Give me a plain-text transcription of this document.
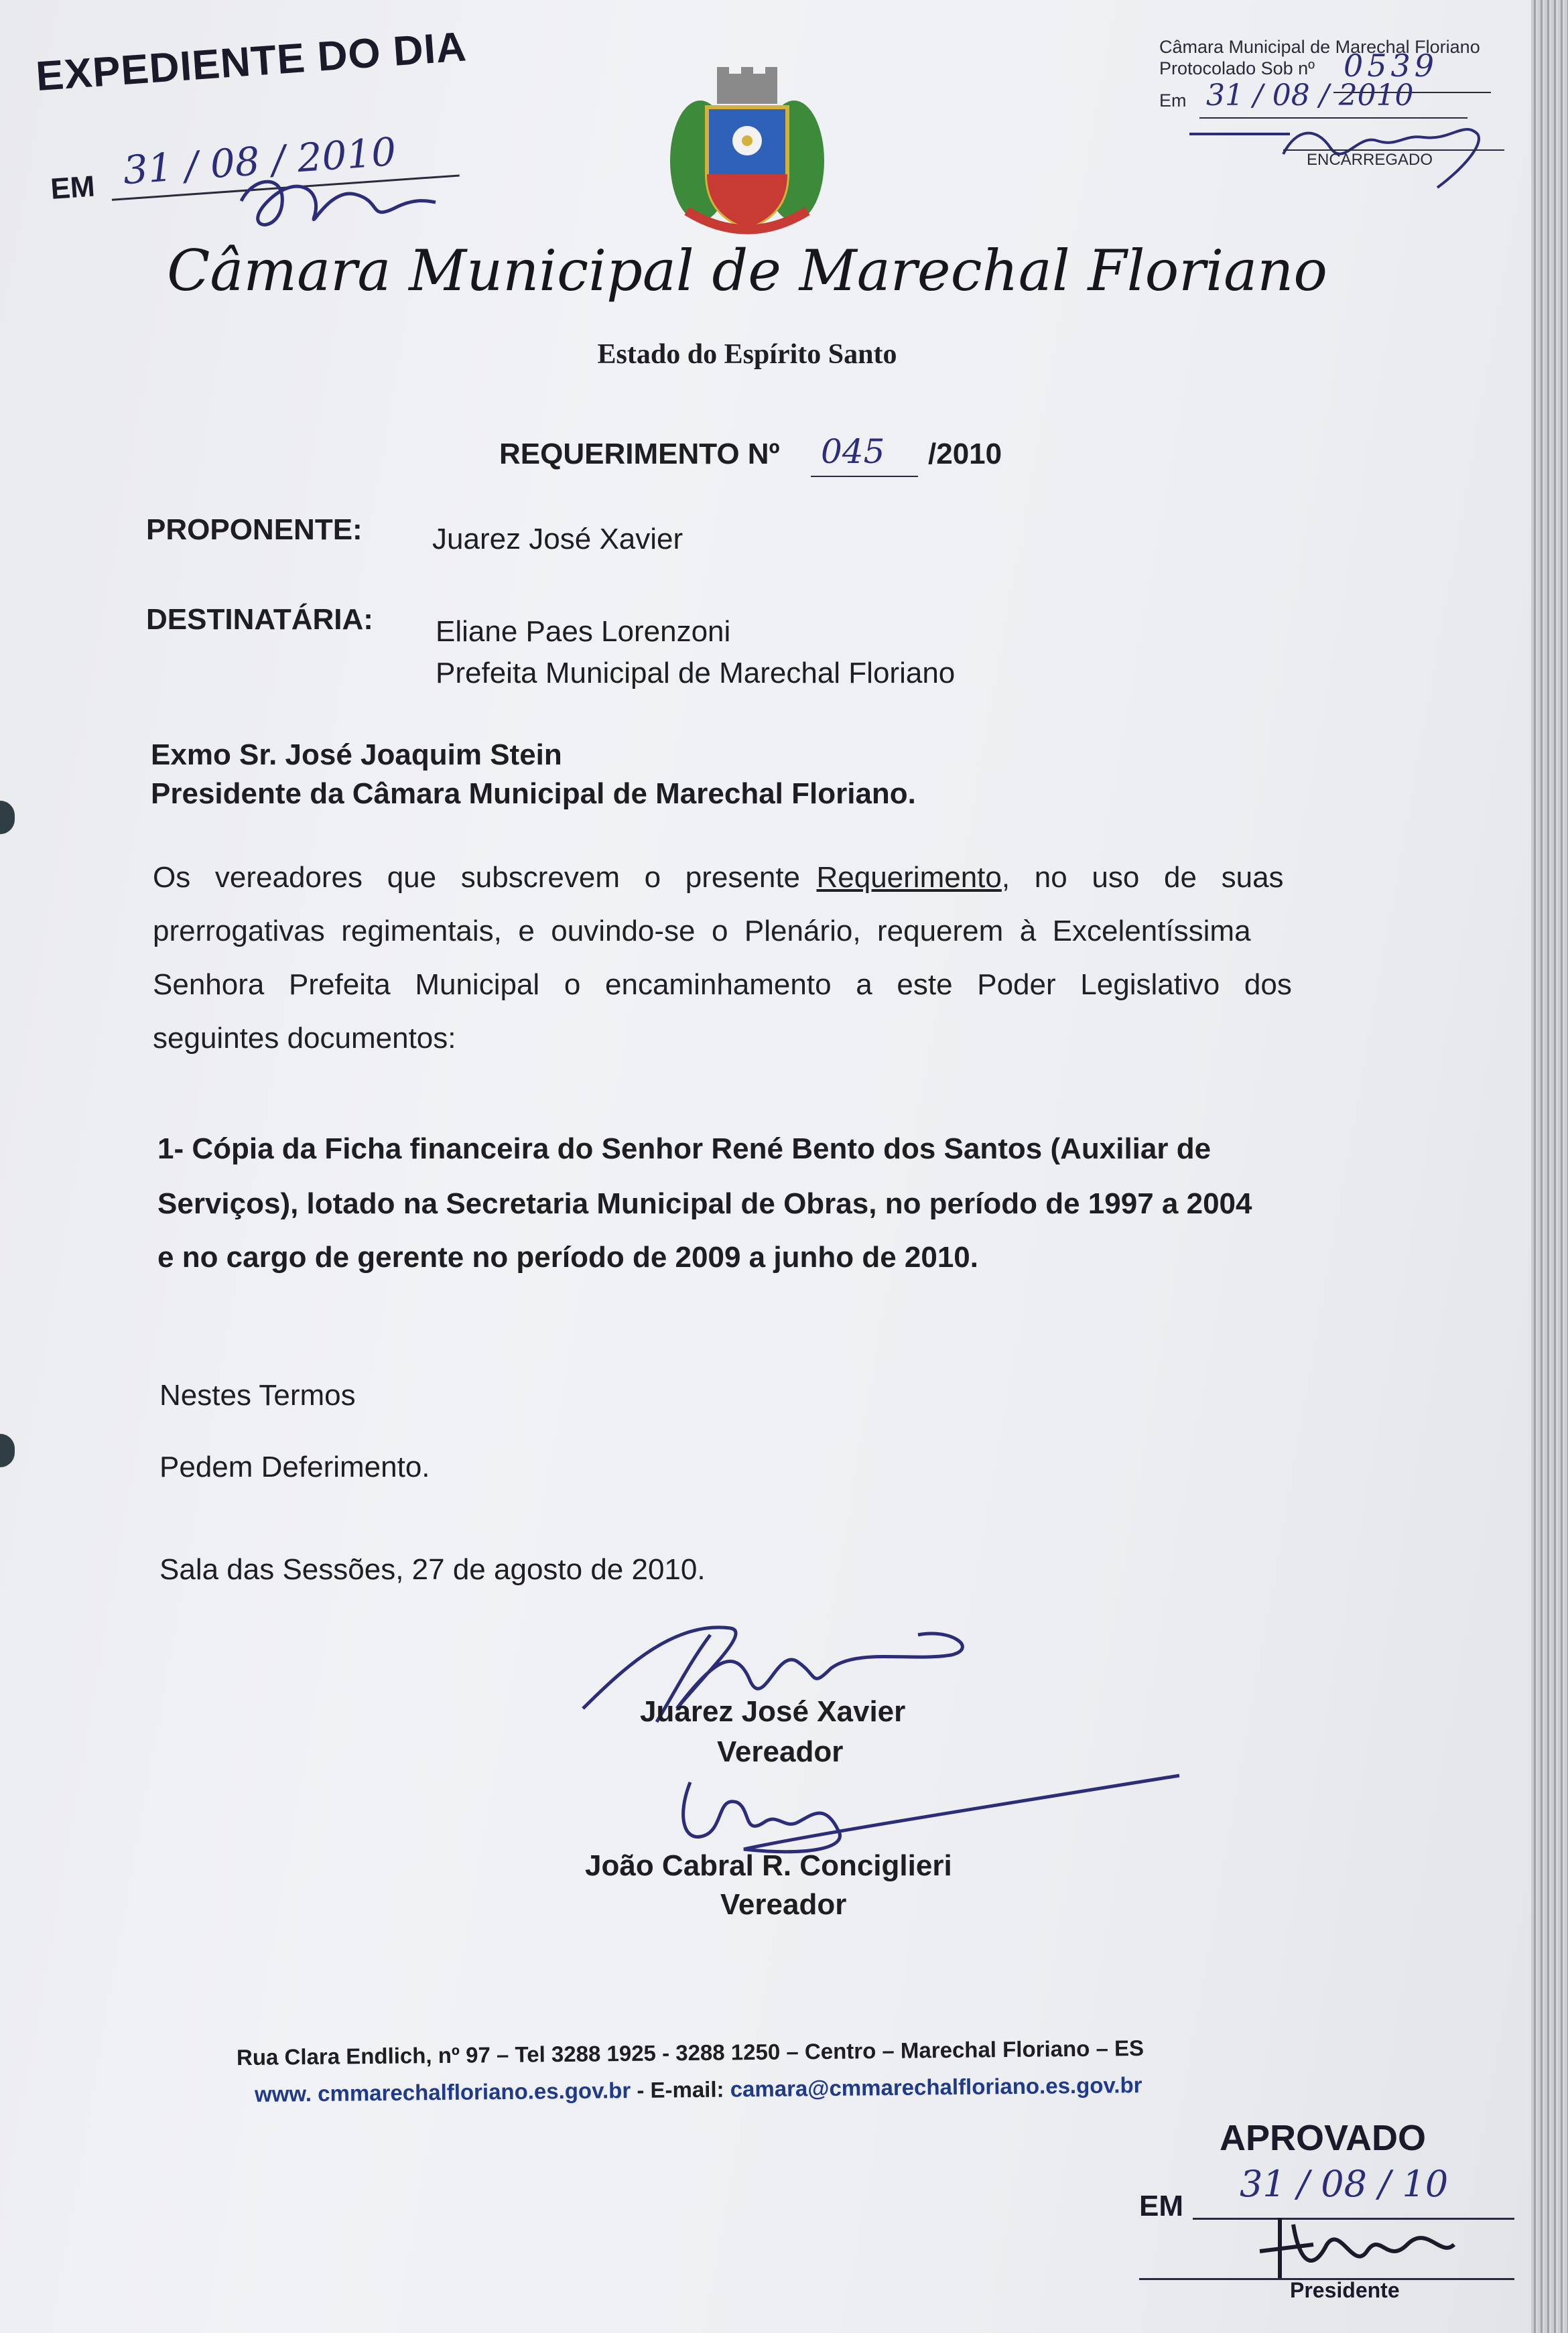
EXPEDIENTE DO DIA
EM 31 / 08 / 2010
Câmara Municipal de Marechal Floriano
Protocolado Sob nº 0539
Em 31 / 08 / 2010
ENCARREGADO
Câmara Municipal de Marechal Floriano
Estado do Espírito Santo
REQUERIMENTO Nº 045 /2010
PROPONENTE: Juarez José Xavier
DESTINATÁRIA: Eliane Paes Lorenzoni
Prefeita Municipal de Marechal Floriano
Exmo Sr. José Joaquim Stein
Presidente da Câmara Municipal de Marechal Floriano.
Os   vereadores   que   subscrevem   o   presente  Requerimento,   no   uso   de   suas
prerrogativas  regimentais,  e  ouvindo-se  o  Plenário,  requerem  à  Excelentíssima
Senhora   Prefeita   Municipal   o   encaminhamento   a   este   Poder   Legislativo   dos
seguintes documentos:
1- Cópia da Ficha financeira do Senhor René Bento dos Santos (Auxiliar de
Serviços), lotado na Secretaria Municipal de Obras, no período de 1997 a 2004
e no cargo de gerente no período de 2009 a junho de 2010.
Nestes Termos
Pedem Deferimento.
Sala das Sessões, 27 de agosto de 2010.
Juarez José Xavier
Vereador
João Cabral R. Conciglieri
Vereador
Rua Clara Endlich, nº 97 – Tel 3288 1925 - 3288 1250 – Centro – Marechal Floriano – ES
www. cmmarechalfloriano.es.gov.br - E-mail: camara@cmmarechalfloriano.es.gov.br
APROVADO
EM
31 / 08 / 10
Presidente
